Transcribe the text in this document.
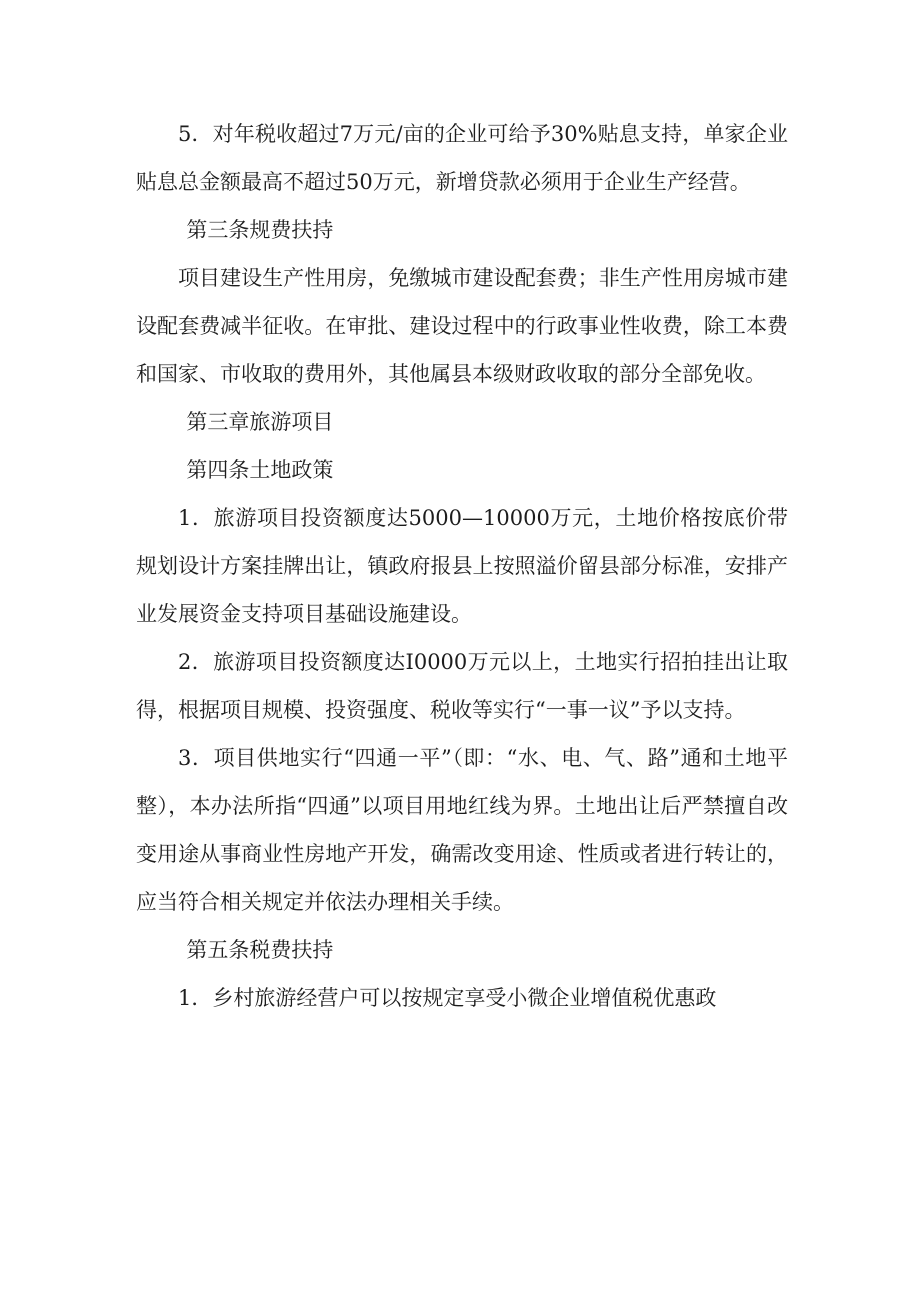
5．对年税收超过7万元/亩的企业可给予30%贴息支持，单家企业贴息总金额最高不超过50万元，新增贷款必须用于企业生产经营。

第三条规费扶持

项目建设生产性用房，免缴城市建设配套费；非生产性用房城市建设配套费减半征收。在审批、建设过程中的行政事业性收费，除工本费和国家、市收取的费用外，其他属县本级财政收取的部分全部免收。

第三章旅游项目

第四条土地政策

1．旅游项目投资额度达5000—10000万元，土地价格按底价带规划设计方案挂牌出让，镇政府报县上按照溢价留县部分标准，安排产业发展资金支持项目基础设施建设。

2．旅游项目投资额度达I0000万元以上，土地实行招拍挂出让取得，根据项目规模、投资强度、税收等实行“一事一议”予以支持。

3．项目供地实行“四通一平”（即：“水、电、气、路”通和土地平整），本办法所指“四通”以项目用地红线为界。土地出让后严禁擅自改变用途从事商业性房地产开发，确需改变用途、性质或者进行转让的，应当符合相关规定并依法办理相关手续。

第五条税费扶持

1．乡村旅游经营户可以按规定享受小微企业增值税优惠政
